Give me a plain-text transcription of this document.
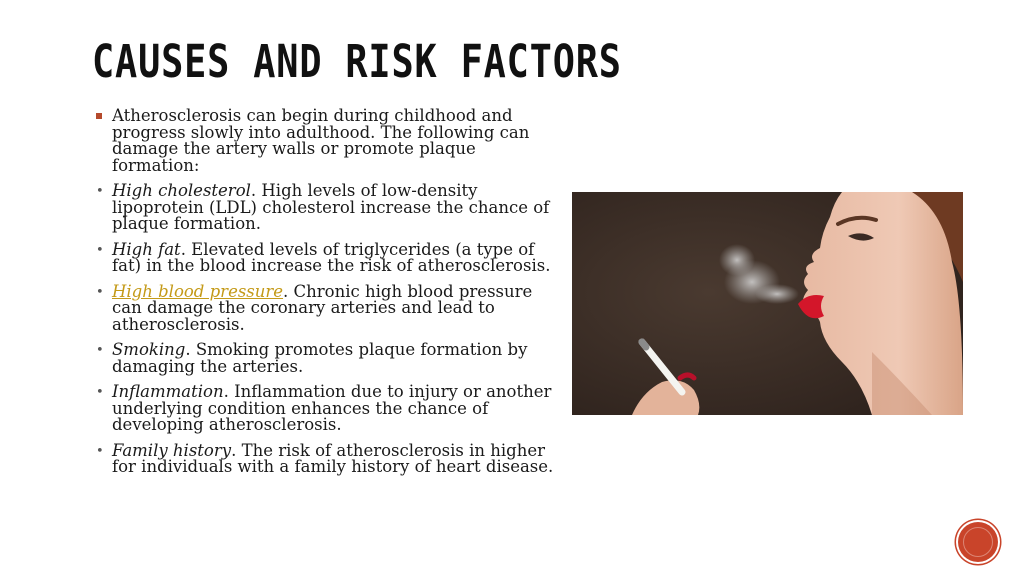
CAUSES AND RISK FACTORS
Atherosclerosis can begin during childhood and progress slowly into adulthood. The following can damage the artery walls or promote plaque formation:
• High cholesterol. High levels of low-density lipoprotein (LDL) cholesterol increase the chance of plaque formation.
• High fat. Elevated levels of triglycerides (a type of fat) in the blood increase the risk of atherosclerosis.
• High blood pressure. Chronic high blood pressure can damage the coronary arteries and lead to atherosclerosis.
• Smoking. Smoking promotes plaque formation by damaging the arteries.
• Inflammation. Inflammation due to injury or another underlying condition enhances the chance of developing atherosclerosis.
• Family history. The risk of atherosclerosis in higher for individuals with a family history of heart disease.
